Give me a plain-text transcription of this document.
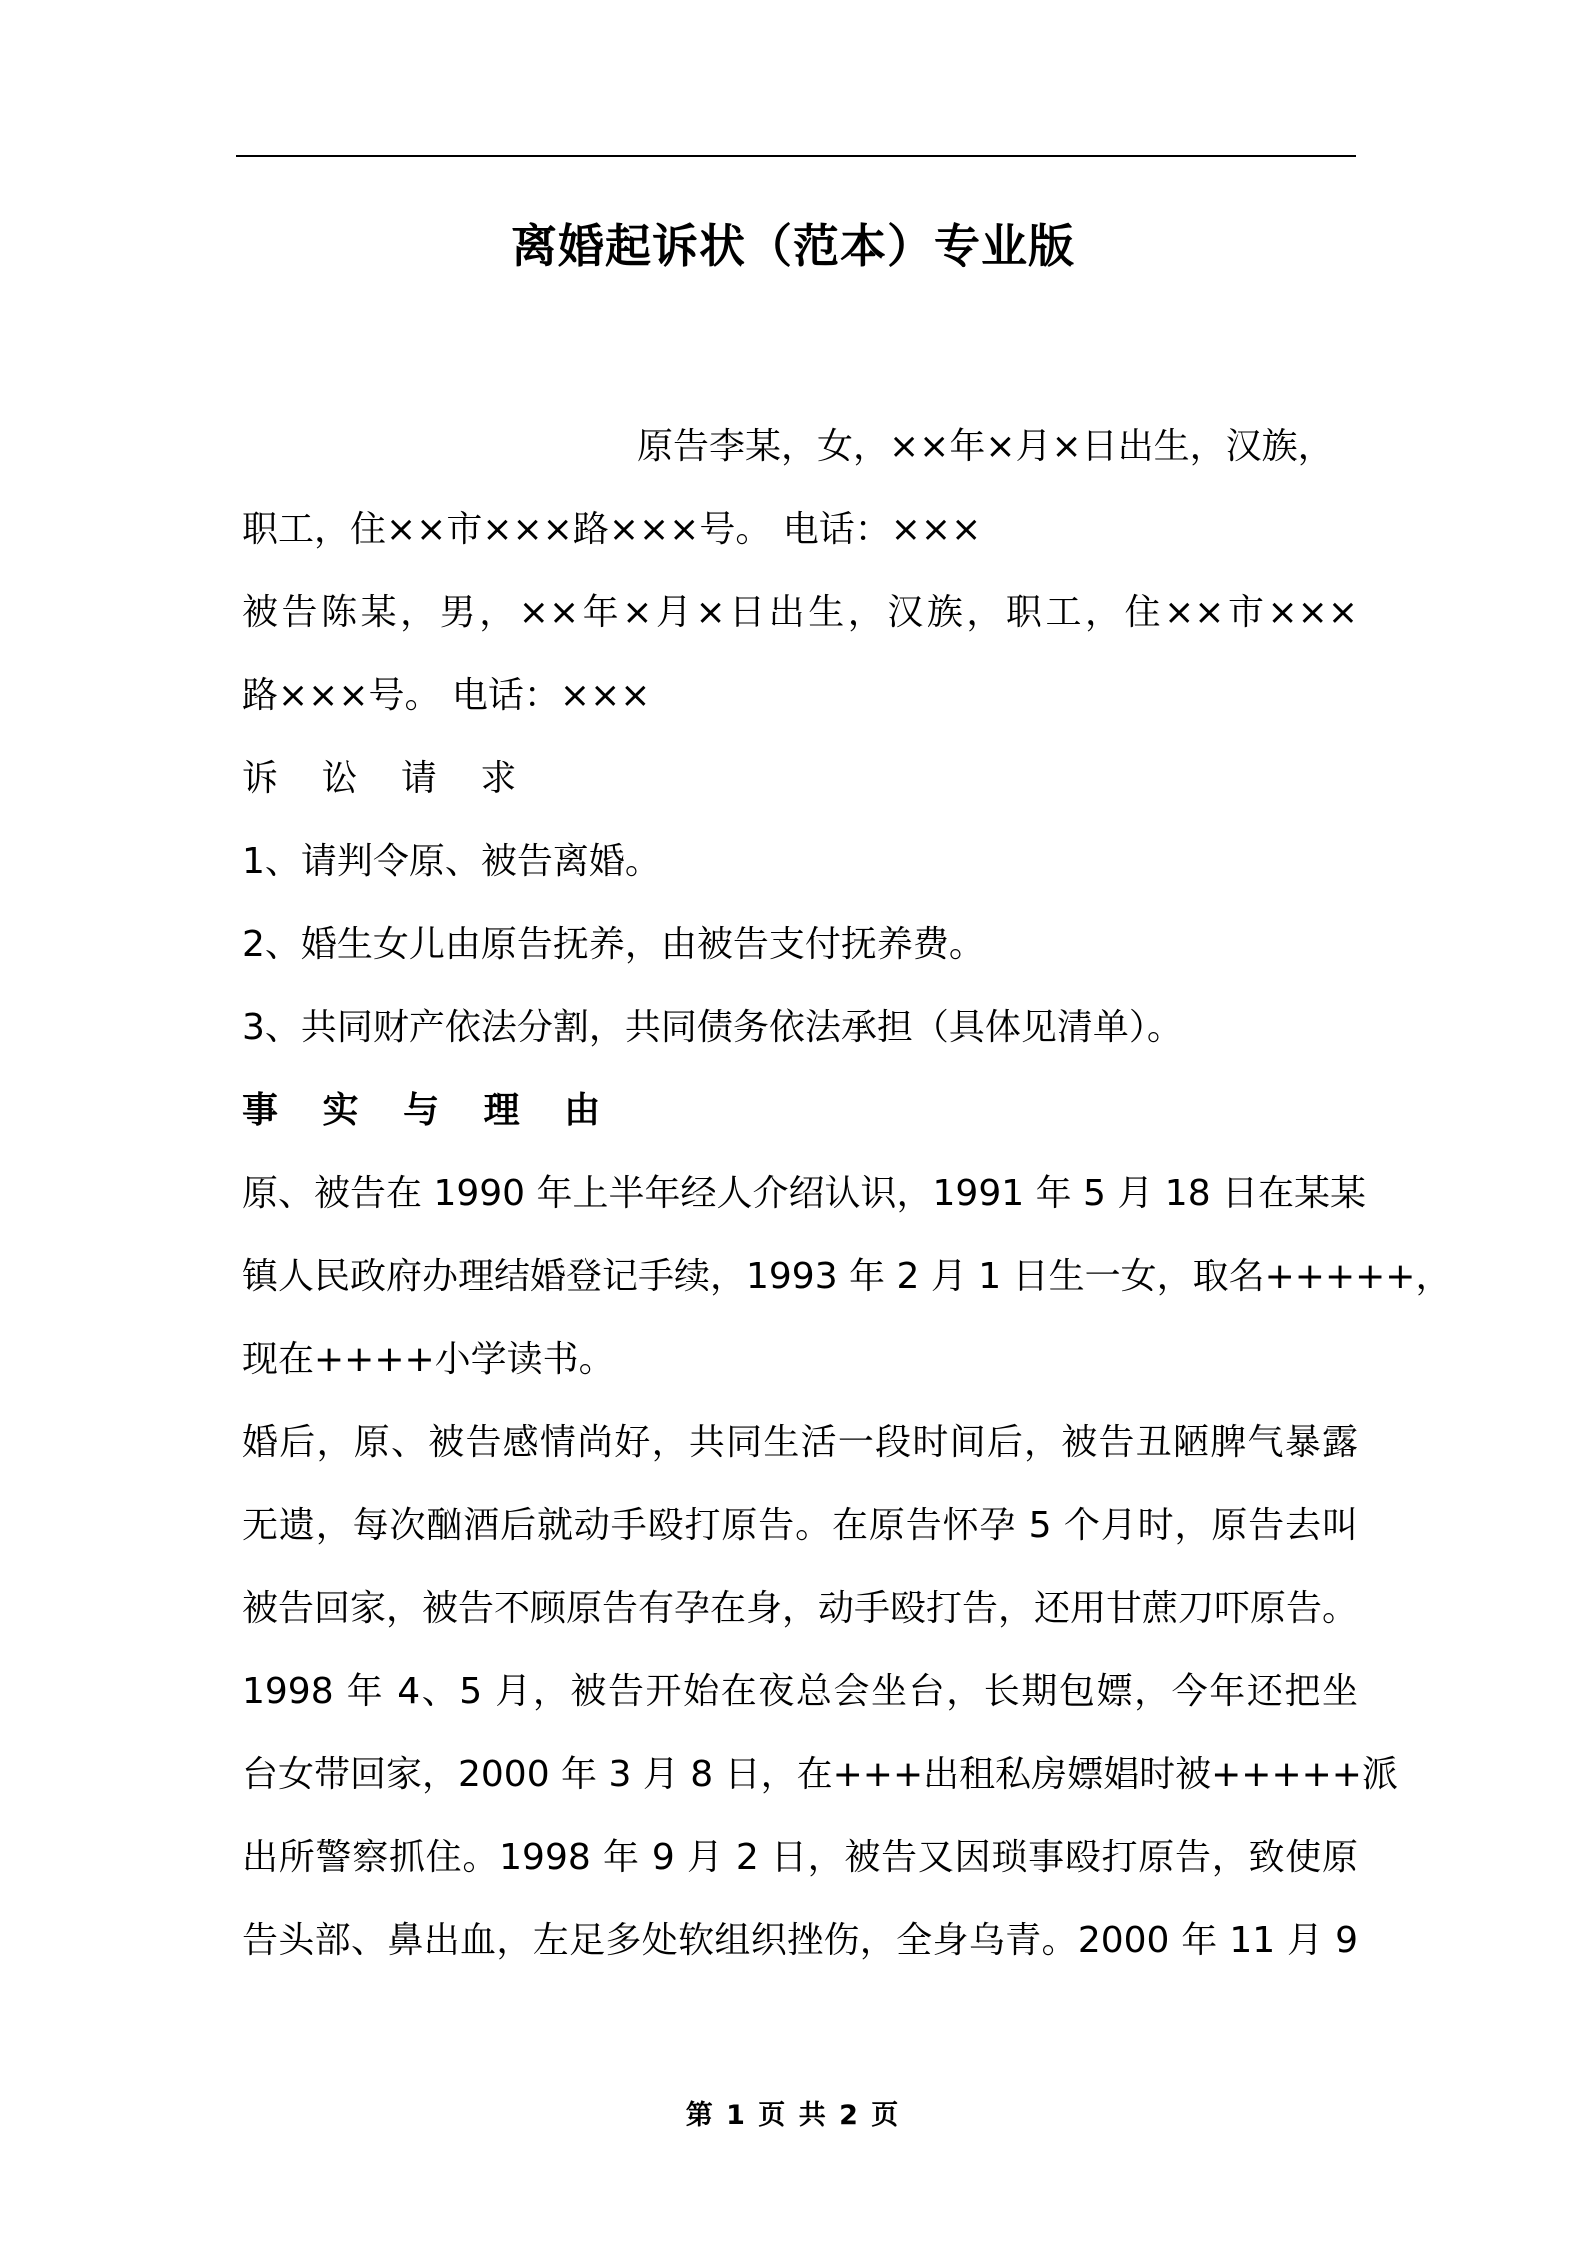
离婚起诉状（范本）专业版
原告李某，女，××年×月×日出生，汉族，
职工，住××市×××路×××号。 电话：×××
被告陈某，男，××年×月×日出生，汉族，职工，住××市×××
路×××号。 电话：×××
诉 讼 请 求
1、请判令原、被告离婚。
2、婚生女儿由原告抚养，由被告支付抚养费。
3、共同财产依法分割，共同债务依法承担（具体见清单）。
事 实 与 理 由
原、被告在 1990 年上半年经人介绍认识，1991 年 5 月 18 日在某某
镇人民政府办理结婚登记手续，1993 年 2 月 1 日生一女，取名+++++，
现在++++小学读书。
婚后，原、被告感情尚好，共同生活一段时间后，被告丑陋脾气暴露
无遗，每次酗酒后就动手殴打原告。在原告怀孕 5 个月时，原告去叫
被告回家，被告不顾原告有孕在身，动手殴打告，还用甘蔗刀吓原告。
1998 年 4、5 月，被告开始在夜总会坐台，长期包嫖，今年还把坐
台女带回家，2000 年 3 月 8 日，在+++出租私房嫖娼时被+++++派
出所警察抓住。1998 年 9 月 2 日，被告又因琐事殴打原告，致使原
告头部、鼻出血，左足多处软组织挫伤，全身乌青。2000 年 11 月 9
第 1 页 共 2 页
